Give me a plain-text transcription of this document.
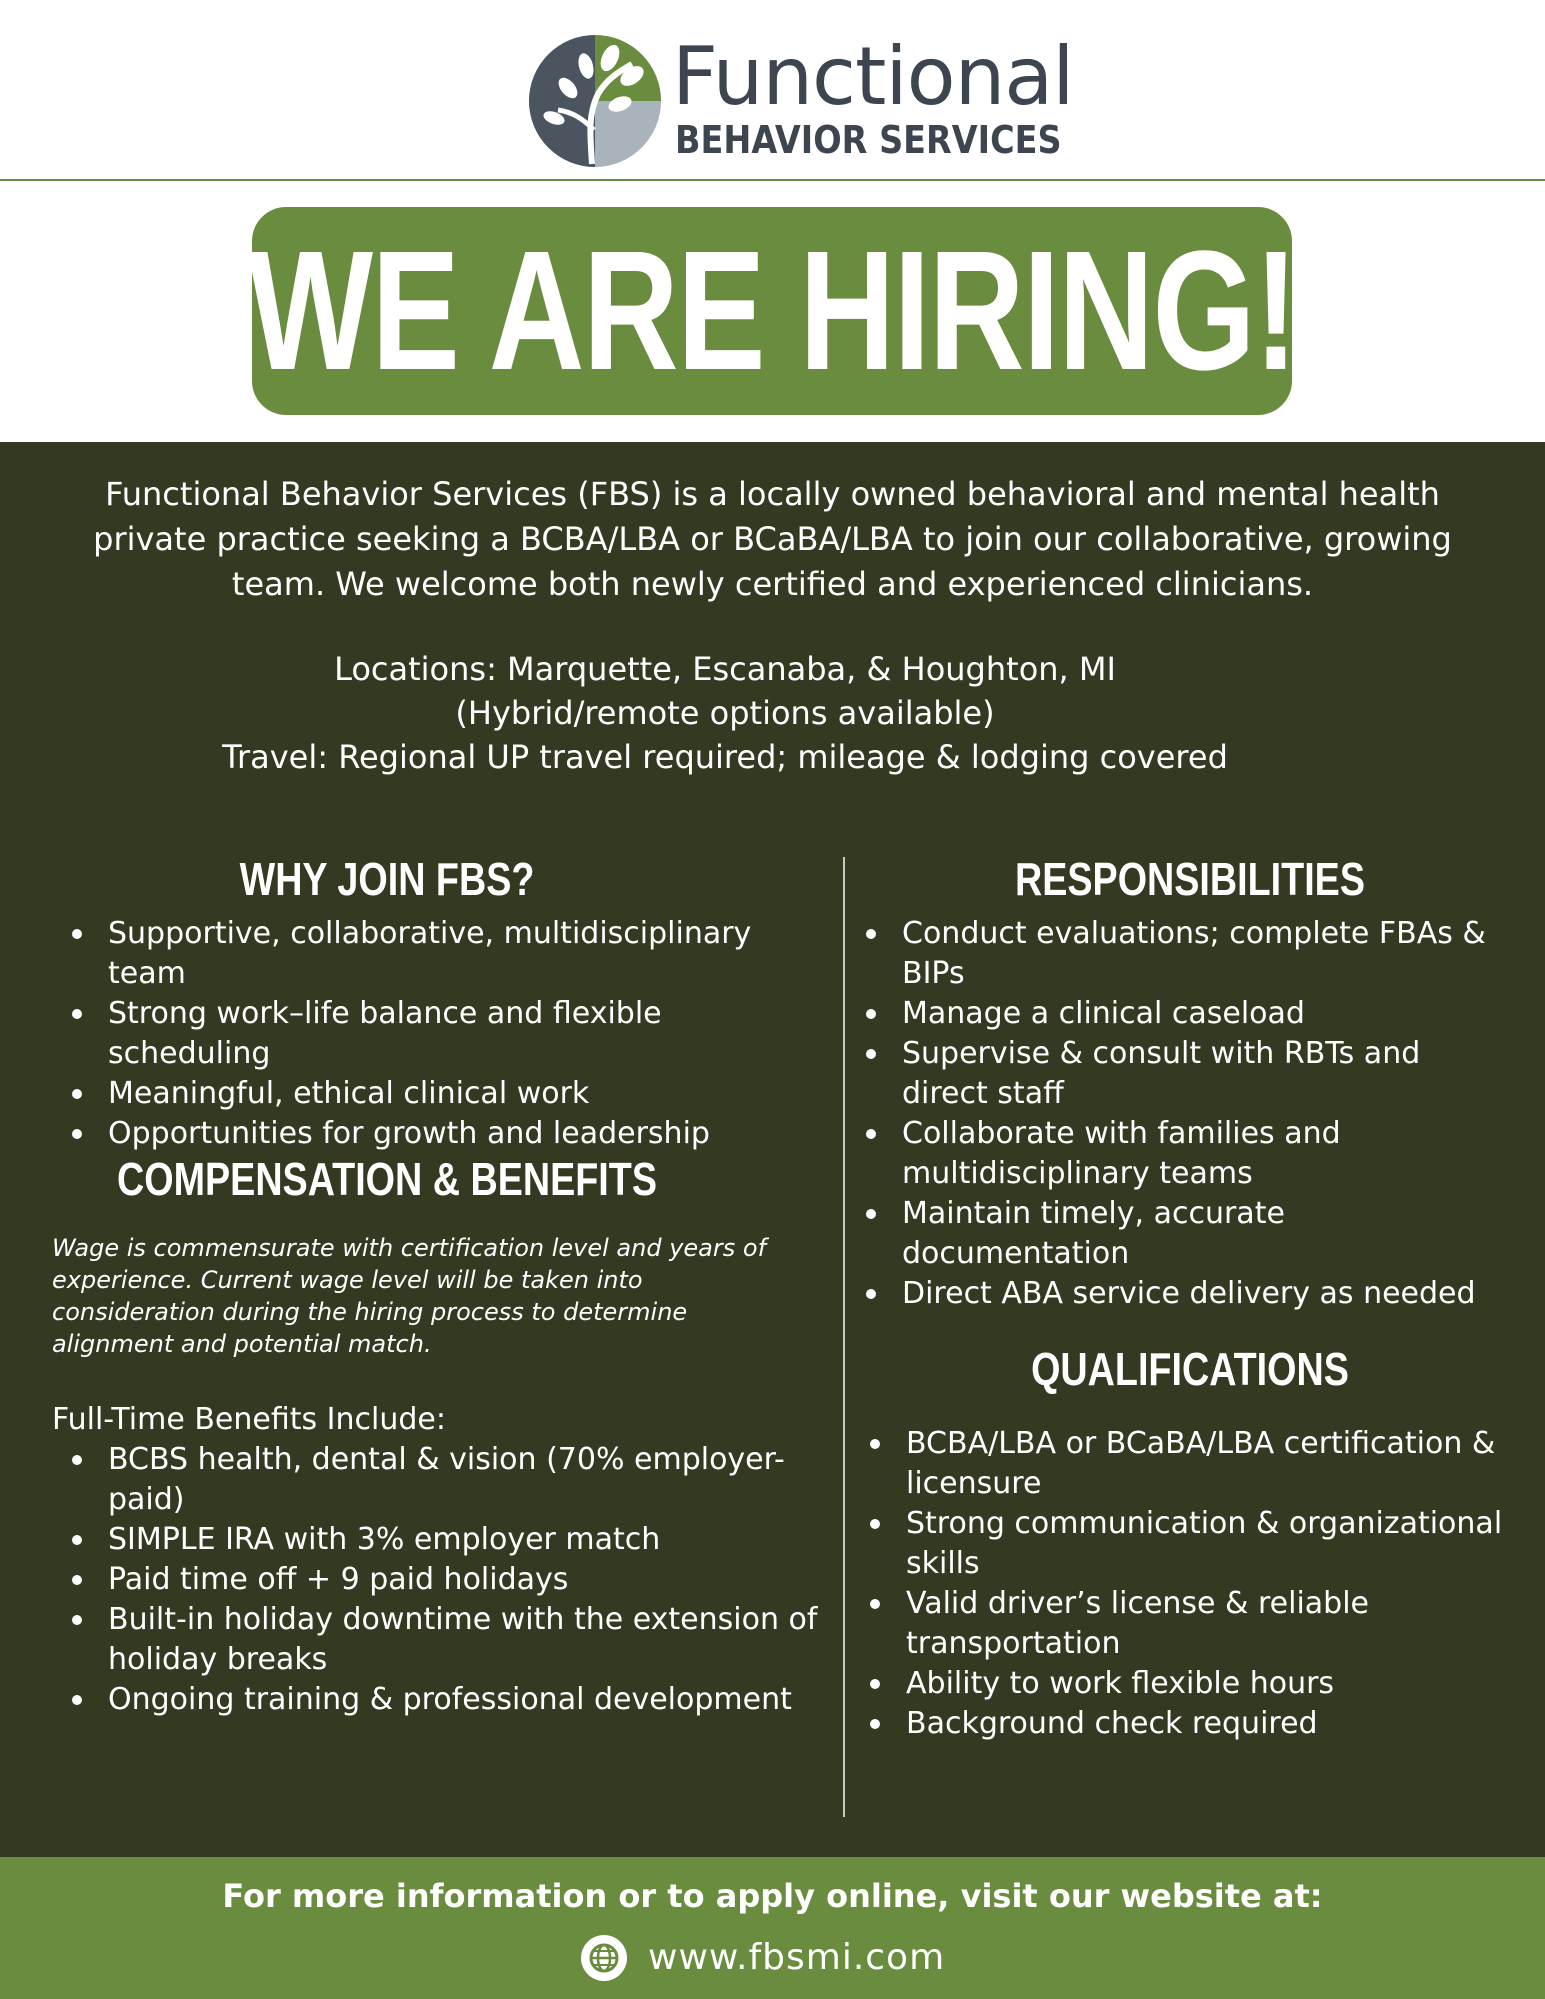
Functional
BEHAVIOR SERVICES
WE ARE HIRING!
Functional Behavior Services (FBS) is a locally owned behavioral and mental health private practice seeking a BCBA/LBA or BCaBA/LBA to join our collaborative, growing team. We welcome both newly certified and experienced clinicians.
Locations: Marquette, Escanaba, & Houghton, MI
(Hybrid/remote options available)
Travel: Regional UP travel required; mileage & lodging covered
WHY JOIN FBS?
Supportive, collaborative, multidisciplinary team
Strong work–life balance and flexible scheduling
Meaningful, ethical clinical work
Opportunities for growth and leadership
COMPENSATION & BENEFITS
Wage is commensurate with certification level and years of experience. Current wage level will be taken into consideration during the hiring process to determine alignment and potential match.
Full-Time Benefits Include:
BCBS health, dental & vision (70% employer-paid)
SIMPLE IRA with 3% employer match
Paid time off + 9 paid holidays
Built-in holiday downtime with the extension of holiday breaks
Ongoing training & professional development
RESPONSIBILITIES
Conduct evaluations; complete FBAs & BIPs
Manage a clinical caseload
Supervise & consult with RBTs and direct staff
Collaborate with families and multidisciplinary teams
Maintain timely, accurate documentation
Direct ABA service delivery as needed
QUALIFICATIONS
BCBA/LBA or BCaBA/LBA certification & licensure
Strong communication & organizational skills
Valid driver’s license & reliable transportation
Ability to work flexible hours
Background check required
For more information or to apply online, visit our website at:
www.fbsmi.com
